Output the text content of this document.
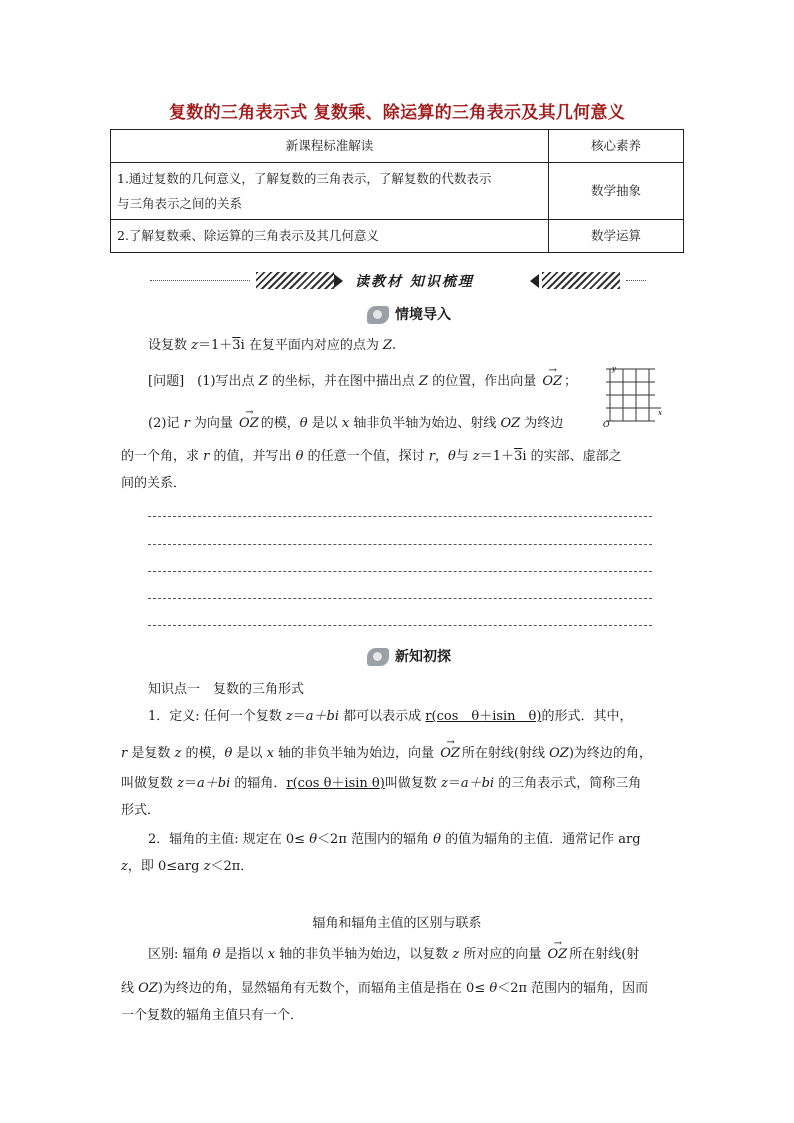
复数的三角表示式 复数乘、除运算的三角表示及其几何意义
新课程标准解读	核心素养
1.通过复数的几何意义，了解复数的三角表示，了解复数的代数表示
与三角表示之间的关系	数学抽象
2.了解复数乘、除运算的三角表示及其几何意义	数学运算
读教材 知识梳理
情境导入
设复数 z＝1＋3i 在复平面内对应的点为 Z.
[问题]　(1)写出点 Z 的坐标，并在图中描出点 Z 的位置，作出向量 → OZ ；
y
x
O
(2)记 r 为向量 → OZ 的模，θ 是以 x 轴非负半轴为始边、射线 OZ 为终边
的一个角，求 r 的值，并写出 θ 的任意一个值，探讨 r，θ与 z＝1＋3i 的实部、虚部之
间的关系．
新知初探
知识点一　复数的三角形式
1．定义: 任何一个复数 z＝a＋bi 都可以表示成 r(cos　θ＋isin　θ)的形式．其中，
r 是复数 z 的模，θ 是以 x 轴的非负半轴为始边，向量 → OZ 所在射线(射线 OZ)为终边的角，
叫做复数 z＝a＋bi 的辐角．r(cos θ＋isin θ)叫做复数 z＝a＋bi 的三角表示式，简称三角
形式．
2．辐角的主值: 规定在 0≤ θ＜2π 范围内的辐角 θ 的值为辐角的主值．通常记作 arg
z，即 0≤arg z＜2π．
辐角和辐角主值的区别与联系
区别: 辐角 θ 是指以 x 轴的非负半轴为始边，以复数 z 所对应的向量 → OZ 所在射线(射
线 OZ)为终边的角，显然辐角有无数个，而辐角主值是指在 0≤ θ＜2π 范围内的辐角，因而
一个复数的辐角主值只有一个．
